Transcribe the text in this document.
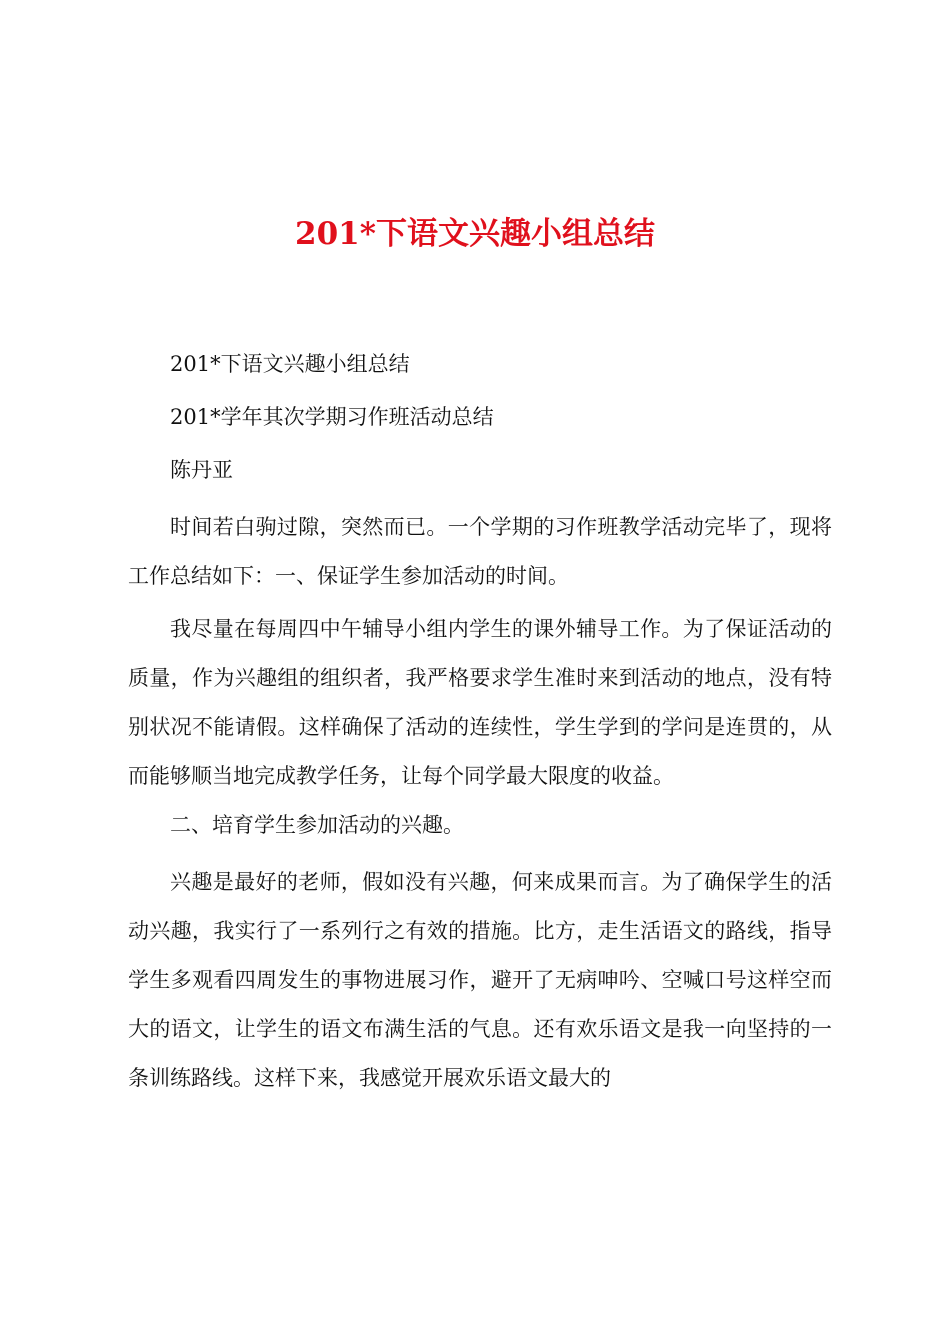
201*下语文兴趣小组总结

201*下语文兴趣小组总结

201*学年其次学期习作班活动总结

陈丹亚

时间若白驹过隙，突然而已。一个学期的习作班教学活动完毕了，现将工作总结如下：一、保证学生参加活动的时间。

我尽量在每周四中午辅导小组内学生的课外辅导工作。为了保证活动的质量，作为兴趣组的组织者，我严格要求学生准时来到活动的地点，没有特别状况不能请假。这样确保了活动的连续性，学生学到的学问是连贯的，从而能够顺当地完成教学任务，让每个同学最大限度的收益。

二、培育学生参加活动的兴趣。

兴趣是最好的老师，假如没有兴趣，何来成果而言。为了确保学生的活动兴趣，我实行了一系列行之有效的措施。比方，走生活语文的路线，指导学生多观看四周发生的事物进展习作，避开了无病呻吟、空喊口号这样空而大的语文，让学生的语文布满生活的气息。还有欢乐语文是我一向坚持的一条训练路线。这样下来，我感觉开展欢乐语文最大的
